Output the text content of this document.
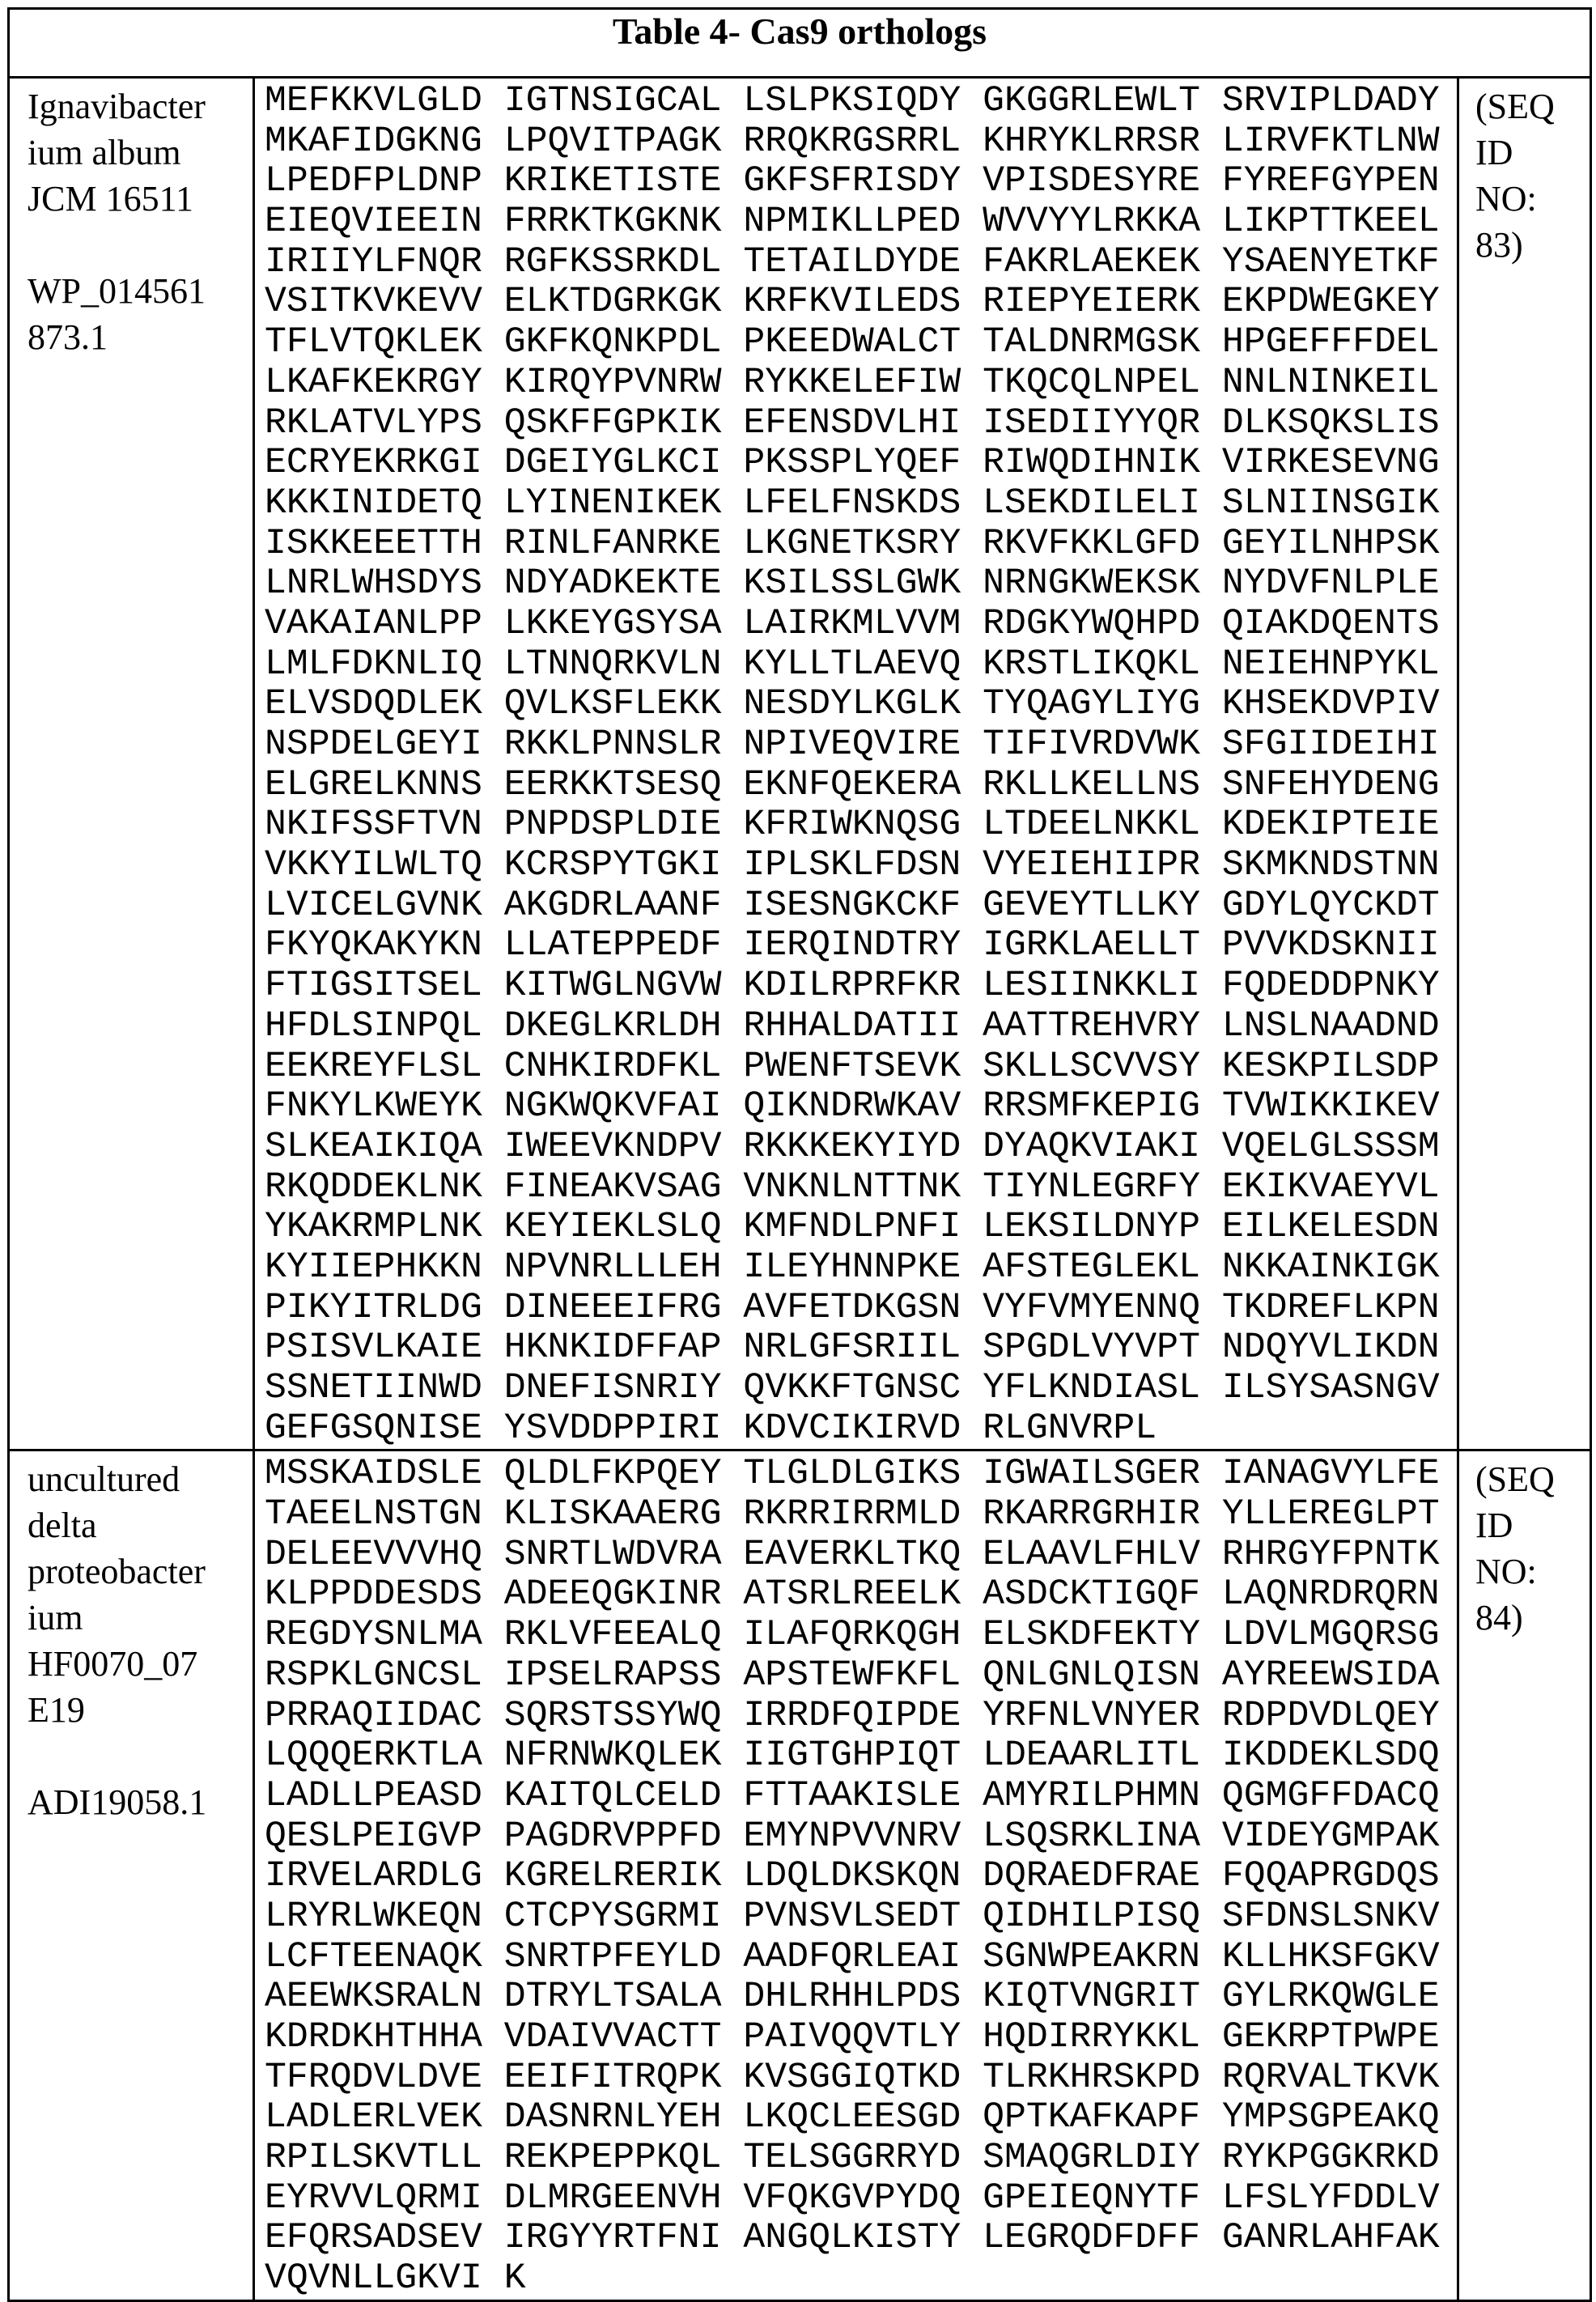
Table 4- Cas9 orthologs

Ignavibacter
ium album
JCM 16511
WP_014561
873.1

MEFKKVLGLD IGTNSIGCAL LSLPKSIQDY GKGGRLEWLT SRVIPLDADY
MKAFIDGKNG LPQVITPAGK RRQKRGSRRL KHRYKLRRSR LIRVFKTLNW
LPEDFPLDNP KRIKETISTE GKFSFRISDY VPISDESYRE FYREFGYPEN
EIEQVIEEIN FRRKTKGKNK NPMIKLLPED WVVYYLRKKA LIKPTTKEEL
IRIIYLFNQR RGFKSSRKDL TETAILDYDE FAKRLAEKEK YSAENYETKF
VSITKVKEVV ELKTDGRKGK KRFKVILEDS RIEPYEIERK EKPDWEGKEY
TFLVTQKLEK GKFKQNKPDL PKEEDWALCT TALDNRMGSK HPGEFFFDEL
LKAFKEKRGY KIRQYPVNRW RYKKELEFIW TKQCQLNPEL NNLNINKEIL
RKLATVLYPS QSKFFGPKIK EFENSDVLHI ISEDIIYYQR DLKSQKSLIS
ECRYEKRKGI DGEIYGLKCI PKSSPLYQEF RIWQDIHNIK VIRKESEVNG
KKKINIDETQ LYINENIKEK LFELFNSKDS LSEKDILELI SLNIINSGIK
ISKKEEETTH RINLFANRKE LKGNETKSRY RKVFKKLGFD GEYILNHPSK
LNRLWHSDYS NDYADKEKTE KSILSSLGWK NRNGKWEKSK NYDVFNLPLE
VAKAIANLPP LKKEYGSYSA LAIRKMLVVM RDGKYWQHPD QIAKDQENTS
LMLFDKNLIQ LTNNQRKVLN KYLLTLAEVQ KRSTLIKQKL NEIEHNPYKL
ELVSDQDLEK QVLKSFLEKK NESDYLKGLK TYQAGYLIYG KHSEKDVPIV
NSPDELGEYI RKKLPNNSLR NPIVEQVIRE TIFIVRDVWK SFGIIDEIHI
ELGRELKNNS EERKKTSESQ EKNFQEKERA RKLLKELLNS SNFEHYDENG
NKIFSSFTVN PNPDSPLDIE KFRIWKNQSG LTDEELNKKL KDEKIPTEIE
VKKYILWLTQ KCRSPYTGKI IPLSKLFDSN VYEIEHIIPR SKMKNDSTNN
LVICELGVNK AKGDRLAANF ISESNGKCKF GEVEYTLLKY GDYLQYCKDT
FKYQKAKYKN LLATEPPEDF IERQINDTRY IGRKLAELLT PVVKDSKNII
FTIGSITSEL KITWGLNGVW KDILRPRFKR LESIINKKLI FQDEDDPNKY
HFDLSINPQL DKEGLKRLDH RHHALDATII AATTREHVRY LNSLNAADND
EEKREYFLSL CNHKIRDFKL PWENFTSEVK SKLLSCVVSY KESKPILSDP
FNKYLKWEYK NGKWQKVFAI QIKNDRWKAV RRSMFKEPIG TVWIKKIKEV
SLKEAIKIQA IWEEVKNDPV RKKKEKYIYD DYAQKVIAKI VQELGLSSSM
RKQDDEKLNK FINEAKVSAG VNKNLNTTNK TIYNLEGRFY EKIKVAEYVL
YKAKRMPLNK KEYIEKLSLQ KMFNDLPNFI LEKSILDNYP EILKELESDN
KYIIEPHKKN NPVNRLLLEH ILEYHNNPKE AFSTEGLEKL NKKAINKIGK
PIKYITRLDG DINEEEIFRG AVFETDKGSN VYFVMYENNQ TKDREFLKPN
PSISVLKAIE HKNKIDFFAP NRLGFSRIIL SPGDLVYVPT NDQYVLIKDN
SSNETIINWD DNEFISNRIY QVKKFTGNSC YFLKNDIASL ILSYSASNGV
GEFGSQNISE YSVDDPPIRI KDVCIKIRVD RLGNVRPL

(SEQ
ID
NO:
83)

uncultured
delta
proteobacter
ium
HF0070_07
E19
ADI19058.1

MSSKAIDSLE QLDLFKPQEY TLGLDLGIKS IGWAILSGER IANAGVYLFE
TAEELNSTGN KLISKAAERG RKRRIRRMLD RKARRGRHIR YLLEREGLPT
DELEEVVVHQ SNRTLWDVRA EAVERKLTKQ ELAAVLFHLV RHRGYFPNTK
KLPPDDESDS ADEEQGKINR ATSRLREELK ASDCKTIGQF LAQNRDRQRN
REGDYSNLMA RKLVFEEALQ ILAFQRKQGH ELSKDFEKTY LDVLMGQRSG
RSPKLGNCSL IPSELRAPSS APSTEWFKFL QNLGNLQISN AYREEWSIDA
PRRAQIIDAC SQRSTSSYWQ IRRDFQIPDE YRFNLVNYER RDPDVDLQEY
LQQQERKTLA NFRNWKQLEK IIGTGHPIQT LDEAARLITL IKDDEKLSDQ
LADLLPEASD KAITQLCELD FTTAAKISLE AMYRILPHMN QGMGFFDACQ
QESLPEIGVP PAGDRVPPFD EMYNPVVNRV LSQSRKLINA VIDEYGMPAK
IRVELARDLG KGRELRERIK LDQLDKSKQN DQRAEDFRAE FQQAPRGDQS
LRYRLWKEQN CTCPYSGRMI PVNSVLSEDT QIDHILPISQ SFDNSLSNKV
LCFTEENAQK SNRTPFEYLD AADFQRLEAI SGNWPEAKRN KLLHKSFGKV
AEEWKSRALN DTRYLTSALA DHLRHHLPDS KIQTVNGRIT GYLRKQWGLE
KDRDKHTHHA VDAIVVACTT PAIVQQVTLY HQDIRRYKKL GEKRPTPWPE
TFRQDVLDVE EEIFITRQPK KVSGGIQTKD TLRKHRSKPD RQRVALTKVK
LADLERLVEK DASNRNLYEH LKQCLEESGD QPTKAFKAPF YMPSGPEAKQ
RPILSKVTLL REKPEPPKQL TELSGGRRYD SMAQGRLDIY RYKPGGKRKD
EYRVVLQRMI DLMRGEENVH VFQKGVPYDQ GPEIEQNYTF LFSLYFDDLV
EFQRSADSEV IRGYYRTFNI ANGQLKISTY LEGRQDFDFF GANRLAHFAK
VQVNLLGKVI K

(SEQ
ID
NO:
84)
